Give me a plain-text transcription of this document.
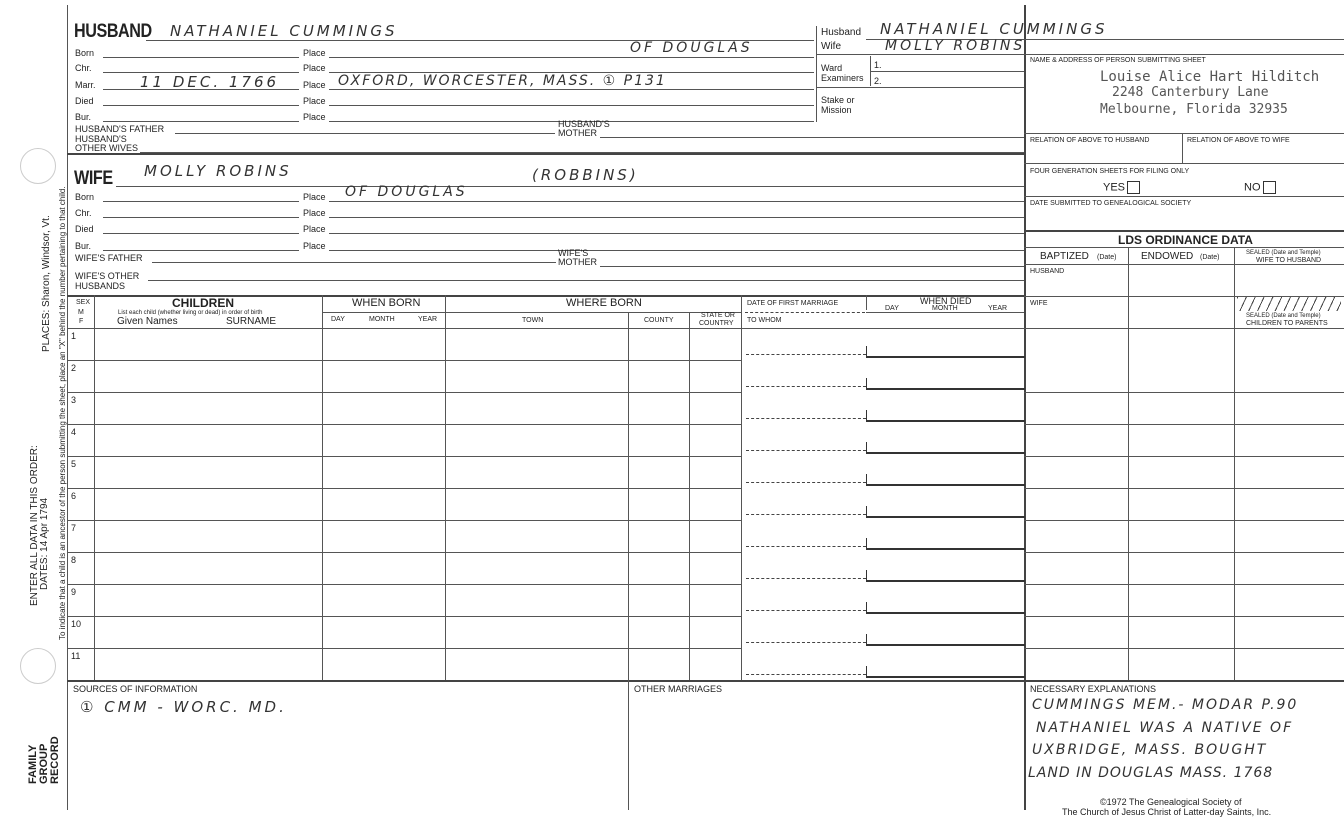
PLACES: Sharon, Windsor, Vt. To indicate that a child is an ancestor of the person submitting the sheet, place an "X" behind the number pertaining to that child.
ENTER ALL DATA IN THIS ORDER: DATES: 14 Apr 1794
FAMILY GROUP RECORD
HUSBAND NATHANIEL CUMMINGS
Born	Place	OF DOUGLAS
Chr.	Place
Marr.	11 DEC. 1766	Place OXFORD, WORCESTER, MASS. ① P131
Died	Place
Bur.	Place
HUSBAND'S FATHER	HUSBAND'S
MOTHER
HUSBAND'S
OTHER WIVES
Husband NATHANIEL CUMMINGS
Wife	MOLLY ROBINS
Ward
Examiners
1.
2.
Stake or
Mission
NAME & ADDRESS OF PERSON SUBMITTING SHEET
Louise Alice Hart Hilditch
2248 Canterbury Lane
Melbourne, Florida 32935
RELATION OF ABOVE TO HUSBAND	RELATION OF ABOVE TO WIFE
FOUR GENERATION SHEETS FOR FILING ONLY
YES	NO
DATE SUBMITTED TO GENEALOGICAL SOCIETY
LDS ORDINANCE DATA
BAPTIZED (Date) ENDOWED (Date)
SEALED (Date and Temple)
WIFE TO HUSBAND
HUSBAND
WIFE
SEALED (Date and Temple)
CHILDREN TO PARENTS
WIFE MOLLY ROBINS	(ROBBINS)
Born	Place OF DOUGLAS
Chr.	Place
Died	Place
Bur.	Place
WIFE'S FATHER	WIFE'S
MOTHER
WIFE'S OTHER
HUSBANDS
SEX
M
F
CHILDREN
List each child (whether living or dead) in order of birth
Given Names	SURNAME
WHEN BORN
DAY	MONTH	YEAR
WHERE BORN
TOWN	COUNTY
STATE OR
COUNTRY
DATE OF FIRST MARRIAGE
TO WHOM
WHEN DIED
DAY	MONTH	YEAR
1
2
3
4
5
6
7
8
9
10
11
SOURCES OF INFORMATION
① CMM - WORC. MD.
OTHER MARRIAGES	NECESSARY EXPLANATIONS
CUMMINGS MEM.- MODAR P.90
NATHANIEL WAS A NATIVE OF
UXBRIDGE, MASS. BOUGHT
LAND IN DOUGLAS MASS. 1768
©1972 The Genealogical Society of
The Church of Jesus Christ of Latter-day Saints, Inc.
